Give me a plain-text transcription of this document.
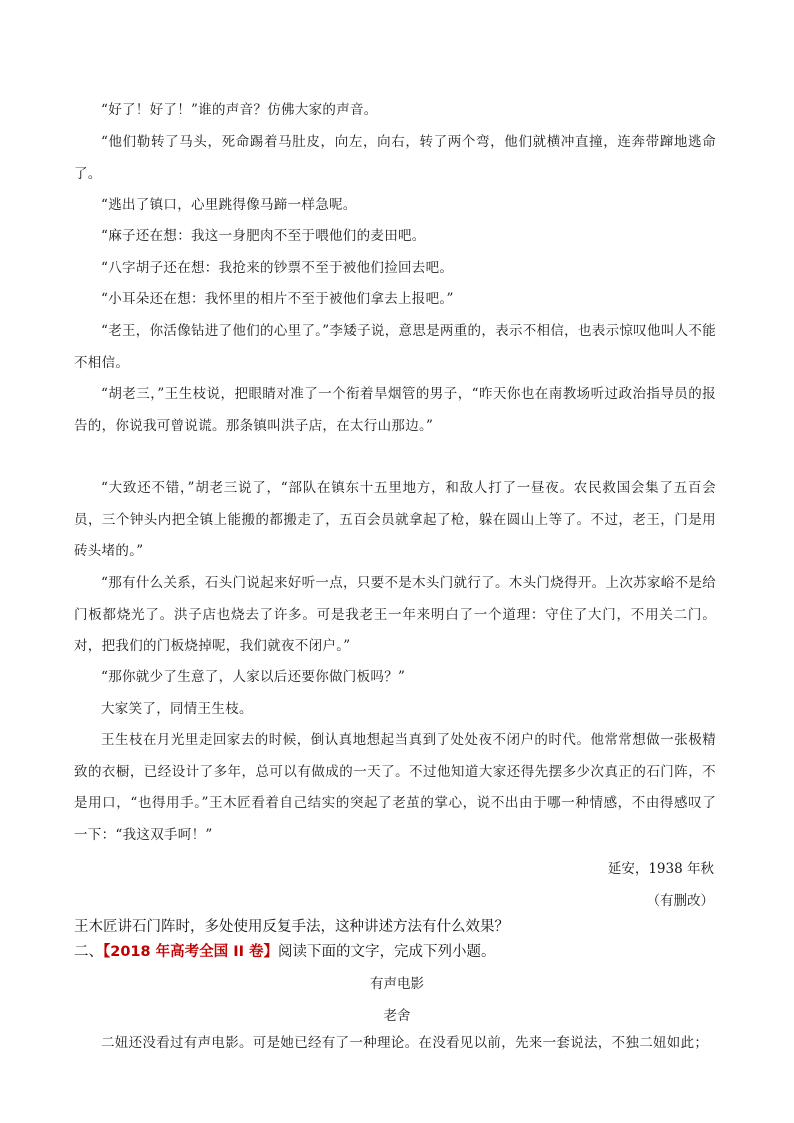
“好了！好了！”谁的声音？仿佛大家的声音。

“他们勒转了马头，死命踢着马肚皮，向左，向右，转了两个弯，他们就横冲直撞，连奔带蹿地逃命了。

“逃出了镇口，心里跳得像马蹄一样急呢。

“麻子还在想：我这一身肥肉不至于喂他们的麦田吧。

“八字胡子还在想：我抢来的钞票不至于被他们捡回去吧。

“小耳朵还在想：我怀里的相片不至于被他们拿去上报吧。”

“老王，你活像钻进了他们的心里了。”李矮子说，意思是两重的，表示不相信，也表示惊叹他叫人不能不相信。

“胡老三，”王生枝说，把眼睛对准了一个衔着旱烟管的男子，“昨天你也在南教场听过政治指导员的报告的，你说我可曾说谎。那条镇叫洪子店，在太行山那边。”

“大致还不错，”胡老三说了，“部队在镇东十五里地方，和敌人打了一昼夜。农民救国会集了五百会员，三个钟头内把全镇上能搬的都搬走了，五百会员就拿起了枪，躲在圆山上等了。不过，老王，门是用砖头堵的。”

“那有什么关系，石头门说起来好听一点，只要不是木头门就行了。木头门烧得开。上次苏家峪不是给门板都烧光了。洪子店也烧去了许多。可是我老王一年来明白了一个道理：守住了大门，不用关二门。对，把我们的门板烧掉呢，我们就夜不闭户。”

“那你就少了生意了，人家以后还要你做门板吗？”

大家笑了，同情王生枝。

王生枝在月光里走回家去的时候，倒认真地想起当真到了处处夜不闭户的时代。他常常想做一张极精致的衣橱，已经设计了多年，总可以有做成的一天了。不过他知道大家还得先摆多少次真正的石门阵，不是用口，“也得用手。”王木匠看着自己结实的突起了老茧的掌心，说不出由于哪一种情感，不由得感叹了一下：“我这双手呵！”

延安，1938 年秋
（有删改）
王木匠讲石门阵时，多处使用反复手法，这种讲述方法有什么效果？
二、【2018 年高考全国 II 卷】阅读下面的文字，完成下列小题。
有声电影
老舍

二妞还没看过有声电影。可是她已经有了一种理论。在没看见以前，先来一套说法，不独二妞如此；
